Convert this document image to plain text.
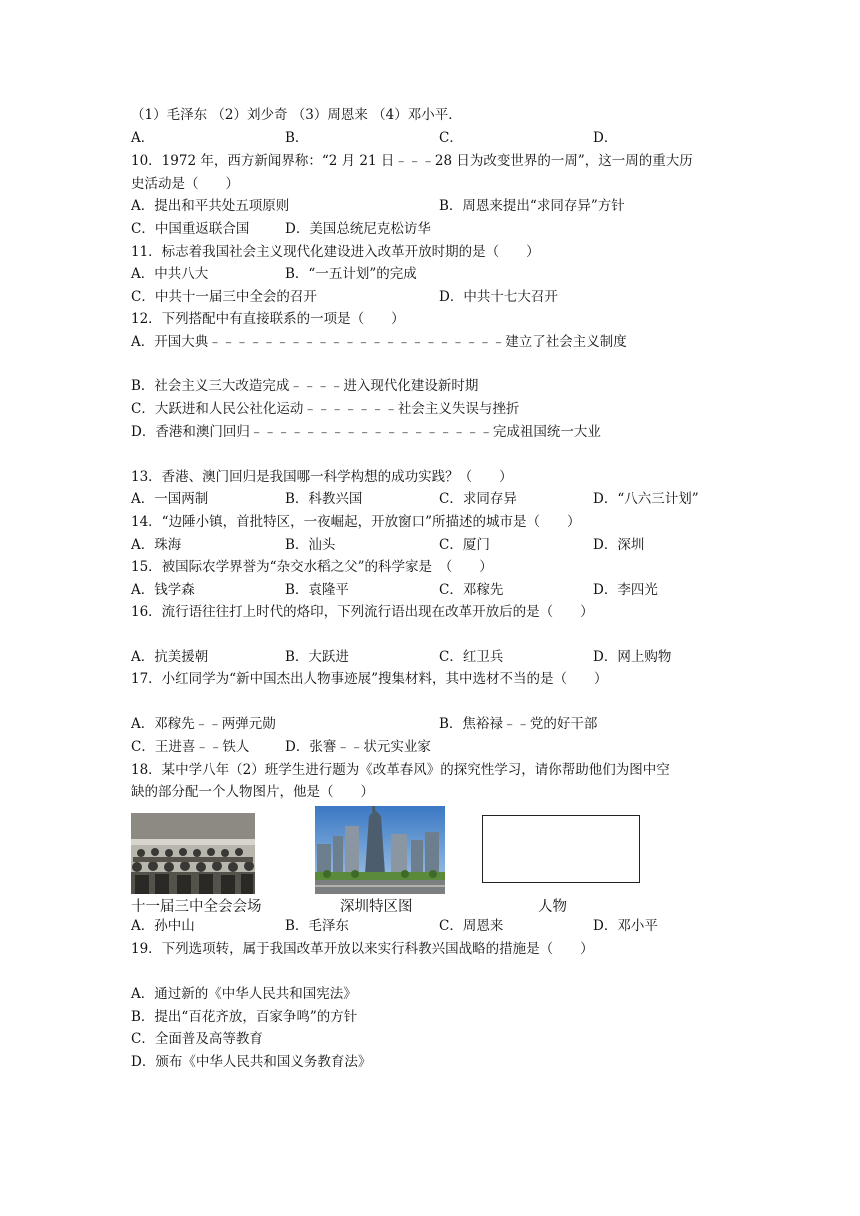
（1）毛泽东 （2）刘少奇 （3）周恩来 （4）邓小平．
A．	B．	C．	D．
10．1972 年，西方新闻界称：“2 月 21 日﹣﹣﹣28 日为改变世界的一周”，这一周的重大历
史活动是（　　）
A．提出和平共处五项原则	B．周恩来提出“求同存异”方针
C．中国重返联合国	D．美国总统尼克松访华
11．标志着我国社会主义现代化建设进入改革开放时期的是（　　）
A．中共八大	B．“一五计划”的完成
C．中共十一届三中全会的召开	D．中共十七大召开
12．下列搭配中有直接联系的一项是（　　）
A．开国大典﹣﹣﹣﹣﹣﹣﹣﹣﹣﹣﹣﹣﹣﹣﹣﹣﹣﹣﹣﹣﹣﹣建立了社会主义制度
B．社会主义三大改造完成﹣﹣﹣﹣进入现代化建设新时期
C．大跃进和人民公社化运动﹣﹣﹣﹣﹣﹣﹣社会主义失误与挫折
D．香港和澳门回归﹣﹣﹣﹣﹣﹣﹣﹣﹣﹣﹣﹣﹣﹣﹣﹣﹣﹣完成祖国统一大业
13．香港、澳门回归是我国哪一科学构想的成功实践？（　　）
A．一国两制	B．科教兴国	C．求同存异	D．“八六三计划”
14．“边陲小镇，首批特区，一夜崛起，开放窗口”所描述的城市是（　　）
A．珠海	B．汕头	C．厦门	D．深圳
15．被国际农学界誉为“杂交水稻之父”的科学家是　（　　）
A．钱学森	B．袁隆平	C．邓稼先	D．李四光
16．流行语往往打上时代的烙印，下列流行语出现在改革开放后的是（　　）
A．抗美援朝	B．大跃进	C．红卫兵	D．网上购物
17．小红同学为“新中国杰出人物事迹展”搜集材料，其中选材不当的是（　　）
A．邓稼先﹣﹣两弹元勋	B．焦裕禄﹣﹣党的好干部
C．王进喜﹣﹣铁人	D．张謇﹣﹣状元实业家
18．某中学八年（2）班学生进行题为《改革春风》的探究性学习，请你帮助他们为图中空
缺的部分配一个人物图片，他是（　　）
十一届三中全会会场	深圳特区图	人物
A．孙中山	B．毛泽东	C．周恩来	D．邓小平
19．下列选项转，属于我国改革开放以来实行科教兴国战略的措施是（　　）
A．通过新的《中华人民共和国宪法》
B．提出“百花齐放，百家争鸣”的方针
C．全面普及高等教育
D．颁布《中华人民共和国义务教育法》
